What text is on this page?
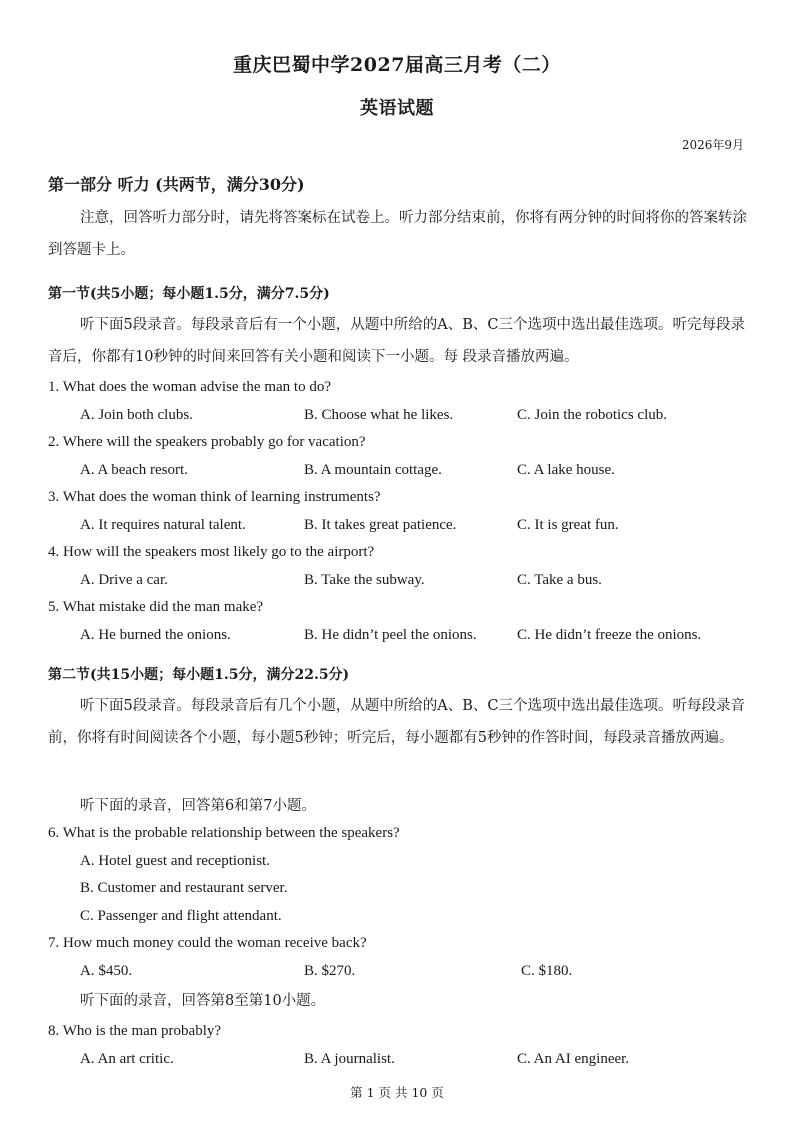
重庆巴蜀中学2027届高三月考（二）
英语试题
2026年9月
第一部分 听力 (共两节，满分30分)
注意，回答听力部分时，请先将答案标在试卷上。听力部分结束前，你将有两分钟的时间将你的答案转涂到答题卡上。
第一节(共5小题；每小题1.5分，满分7.5分)
听下面5段录音。每段录音后有一个小题，从题中所给的A、B、C三个选项中选出最佳选项。听完每段录音后，你都有10秒钟的时间来回答有关小题和阅读下一小题。每 段录音播放两遍。
1. What does the woman advise the man to do?
A. Join both clubs.	B. Choose what he likes.	C. Join the robotics club.
2. Where will the speakers probably go for vacation?
A. A beach resort.	B. A mountain cottage.	C. A lake house.
3. What does the woman think of learning instruments?
A. It requires natural talent.	B. It takes great patience.	C. It is great fun.
4. How will the speakers most likely go to the airport?
A. Drive a car.	B. Take the subway.	C. Take a bus.
5. What mistake did the man make?
A. He burned the onions.	B. He didn’t peel the onions.	C. He didn’t freeze the onions.
第二节(共15小题；每小题1.5分，满分22.5分)
听下面5段录音。每段录音后有几个小题，从题中所给的A、B、C三个选项中选出最佳选项。听每段录音前，你将有时间阅读各个小题，每小题5秒钟；听完后，每小题都有5秒钟的作答时间，每段录音播放两遍。
听下面的录音，回答第6和第7小题。
6. What is the probable relationship between the speakers?
A. Hotel guest and receptionist.
B. Customer and restaurant server.
C. Passenger and flight attendant.
7. How much money could the woman receive back?
A. $450.	B. $270.	C. $180.
听下面的录音，回答第8至第10小题。
8. Who is the man probably?
A. An art critic.	B. A journalist.	C. An AI engineer.
第 1 页 共 10 页
